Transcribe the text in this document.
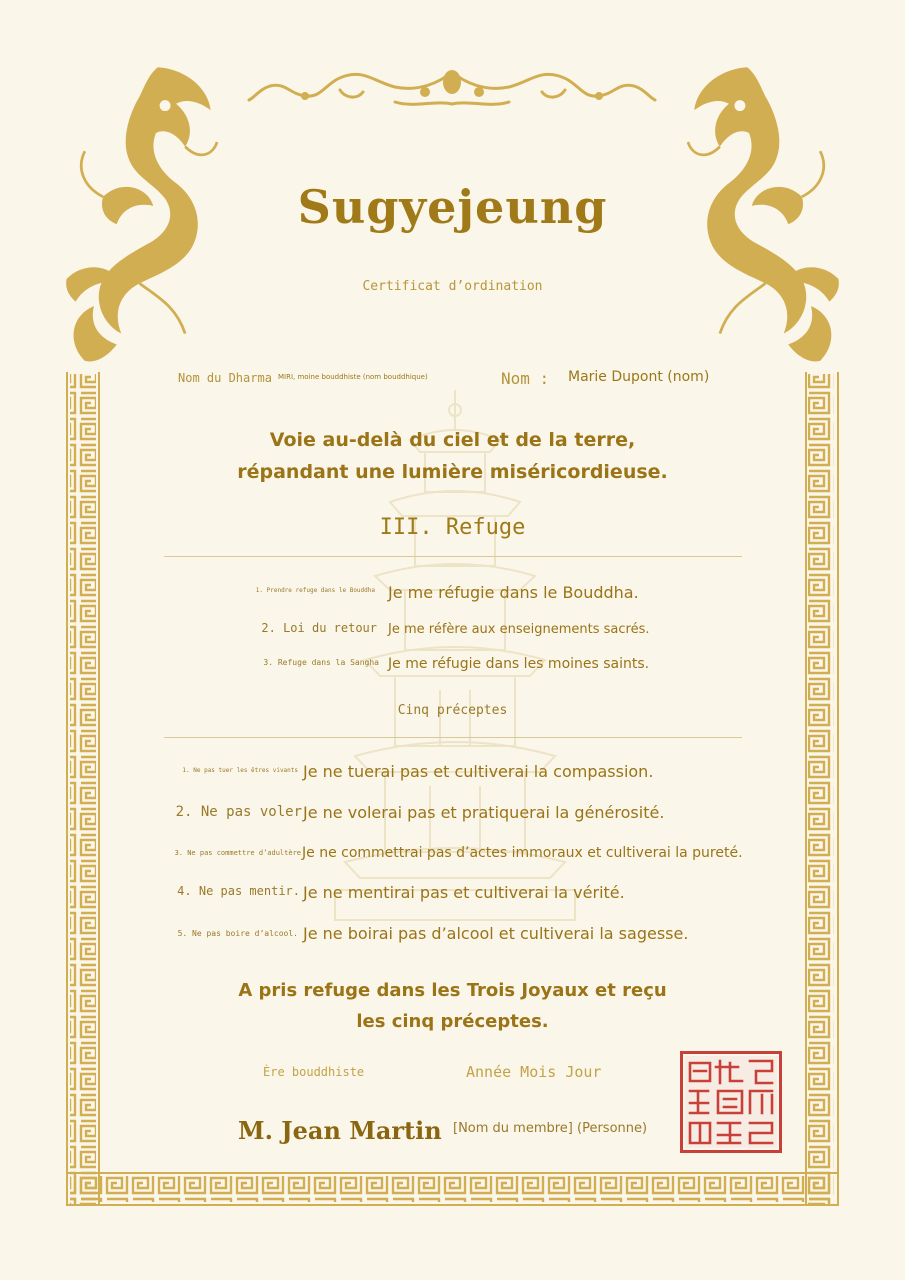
Sugyejeung
Certificat d’ordination
Nom du Dharma MIRI, moine bouddhiste (nom bouddhique)	Nom : Marie Dupont (nom)
Voie au-delà du ciel et de la terre,
répandant une lumière miséricordieuse.
III. Refuge
1. Prendre refuge dans le Bouddha Je me réfugie dans le Bouddha.
2. Loi du retour Je me réfère aux enseignements sacrés.
3. Refuge dans la Sangha Je me réfugie dans les moines saints.
Cinq préceptes
1. Ne pas tuer les êtres vivants Je ne tuerai pas et cultiverai la compassion.
2. Ne pas voler Je ne volerai pas et pratiquerai la générosité.
3. Ne pas commettre d’adultère Je ne commettrai pas d’actes immoraux et cultiverai la pureté.
4. Ne pas mentir. Je ne mentirai pas et cultiverai la vérité.
5. Ne pas boire d’alcool. Je ne boirai pas d’alcool et cultiverai la sagesse.
A pris refuge dans les Trois Joyaux et reçu
les cinq préceptes.
Ère bouddhiste	Année Mois Jour
M. Jean Martin [Nom du membre] (Personne)
